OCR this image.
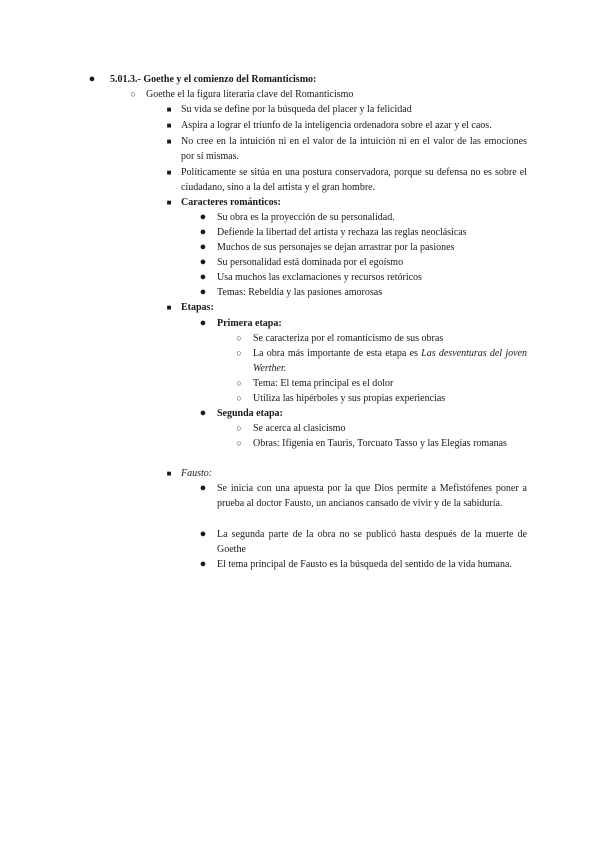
● 5.01.3.- Goethe y el comienzo del Romanticismo:
○	Goethe el la figura literaria clave del Romanticismo
■ Su vida se define por la búsqueda del placer y la felicidad
■ Aspira a lograr el triunfo de la inteligencia ordenadora sobre el azar y el caos.
■ No cree en la intuición ni en el valor de la intuición ni en el valor de las emociones por sí mismas.
■ Políticamente se sitúa en una postura conservadora, porque su defensa no es sobre el ciudadano, sino a la del artista y el gran hombre.
■ Caracteres románticos:
● Su obra es la proyección de su personalidad.
● Defiende la libertad del artista y rechaza las reglas neoclásicas
● Muchos de sus personajes se dejan arrastrar por la pasiones
● Su personalidad está dominada por el egoísmo
● Usa muchos las exclamaciones y recursos retóricos
● Temas: Rebeldía y las pasiones amorosas
■ Etapas:
● Primera etapa:
○	Se caracteriza por el romanticismo de sus obras
○	La obra más importante de esta etapa es Las desventuras del joven Werther.
○	Tema: El tema principal es el dolor
○	Utiliza las hipérboles y sus propias experiencias
● Segunda etapa:
○	Se acerca al clasicismo
○	Obras: Ifigenia en Tauris, Torcuato Tasso y las Elegías romanas
■ Fausto:
● Se inicia con una apuesta por la que Dios permite a Mefistófenes poner a prueba al doctor Fausto, un ancianos cansado de vivir y de la sabiduría.
● La segunda parte de la obra no se publicó hasta después de la muerte de Goethe
● El tema principal de Fausto es la búsqueda del sentido de la vida humana.
